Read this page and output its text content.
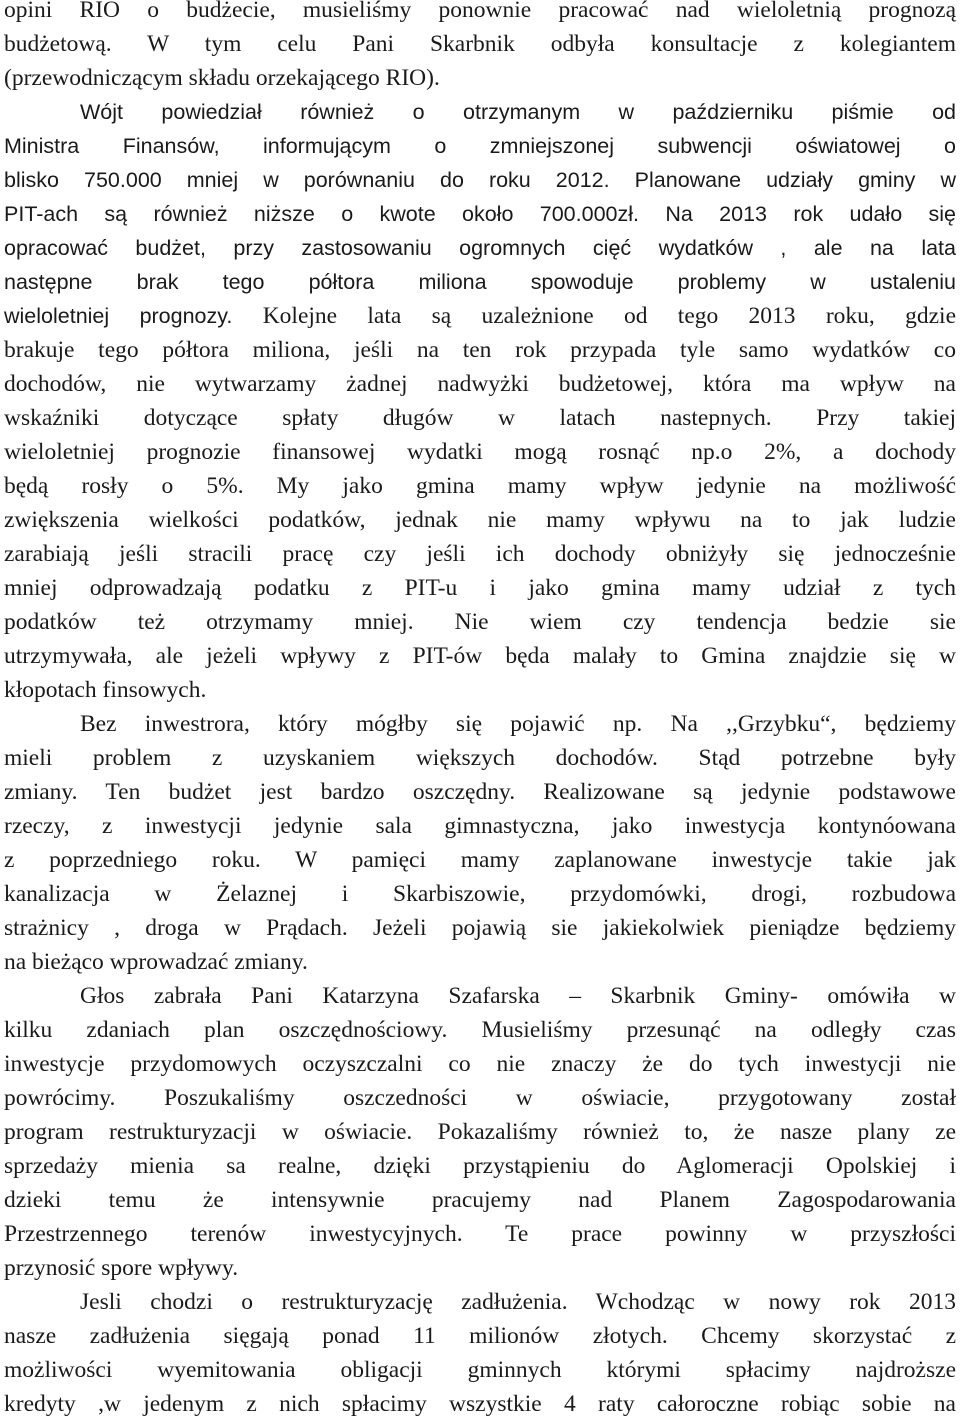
opini RIO o budżecie, musieliśmy ponownie pracować nad wieloletnią prognozą
budżetową. W tym celu Pani Skarbnik odbyła konsultacje z kolegiantem
(przewodniczącym składu orzekającego RIO).
Wójt powiedział również o otrzymanym w październiku piśmie od
Ministra Finansów, informującym o zmniejszonej subwencji oświatowej o
blisko 750.000 mniej w porównaniu do roku 2012. Planowane udziały gminy w
PIT-ach są również niższe o kwote około 700.000zł. Na 2013 rok udało się
opracować budżet, przy zastosowaniu ogromnych cięć wydatków , ale na lata
następne brak tego półtora miliona spowoduje problemy w ustaleniu
wieloletniej prognozy. Kolejne lata są uzależnione od tego 2013 roku, gdzie
brakuje tego półtora miliona, jeśli na ten rok przypada tyle samo wydatków co
dochodów, nie wytwarzamy żadnej nadwyżki budżetowej, która ma wpływ na
wskaźniki dotyczące spłaty długów w latach nastepnych. Przy takiej
wieloletniej prognozie finansowej wydatki mogą rosnąć np.o 2%, a dochody
będą rosły o 5%. My jako gmina mamy wpływ jedynie na możliwość
zwiększenia wielkości podatków, jednak nie mamy wpływu na to jak ludzie
zarabiają jeśli stracili pracę czy jeśli ich dochody obniżyły się jednocześnie
mniej odprowadzają podatku z PIT-u i jako gmina mamy udział z tych
podatków też otrzymamy mniej. Nie wiem czy tendencja bedzie sie
utrzymywała, ale jeżeli wpływy z PIT-ów będa malały to Gmina znajdzie się w
kłopotach finsowych.
Bez inwestrora, który mógłby się pojawić np. Na ,,Grzybku“, będziemy
mieli problem z uzyskaniem większych dochodów. Stąd potrzebne były
zmiany. Ten budżet jest bardzo oszczędny. Realizowane są jedynie podstawowe
rzeczy, z inwestycji jedynie sala gimnastyczna, jako inwestycja kontynóowana
z poprzedniego roku. W pamięci mamy zaplanowane inwestycje takie jak
kanalizacja w Żelaznej i Skarbiszowie, przydomówki, drogi, rozbudowa
strażnicy , droga w Prądach. Jeżeli pojawią sie jakiekolwiek pieniądze będziemy
na bieżąco wprowadzać zmiany.
Głos zabrała Pani Katarzyna Szafarska – Skarbnik Gminy- omówiła w
kilku zdaniach plan oszczędnościowy. Musieliśmy przesunąć na odległy czas
inwestycje przydomowych oczyszczalni co nie znaczy że do tych inwestycji nie
powrócimy. Poszukaliśmy oszczedności w oświacie, przygotowany został
program restrukturyzacji w oświacie. Pokazaliśmy również to, że nasze plany ze
sprzedaży mienia sa realne, dzięki przystąpieniu do Aglomeracji Opolskiej i
dzieki temu że intensywnie pracujemy nad Planem Zagospodarowania
Przestrzennego terenów inwestycyjnych. Te prace powinny w przyszłości
przynosić spore wpływy.
Jesli chodzi o restrukturyzację zadłużenia. Wchodząc w nowy rok 2013
nasze zadłużenia sięgają ponad 11 milionów złotych. Chcemy skorzystać z
możliwości wyemitowania obligacji gminnych którymi spłacimy najdroższe
kredyty ,w jedenym z nich spłacimy wszystkie 4 raty całoroczne robiąc sobie na
